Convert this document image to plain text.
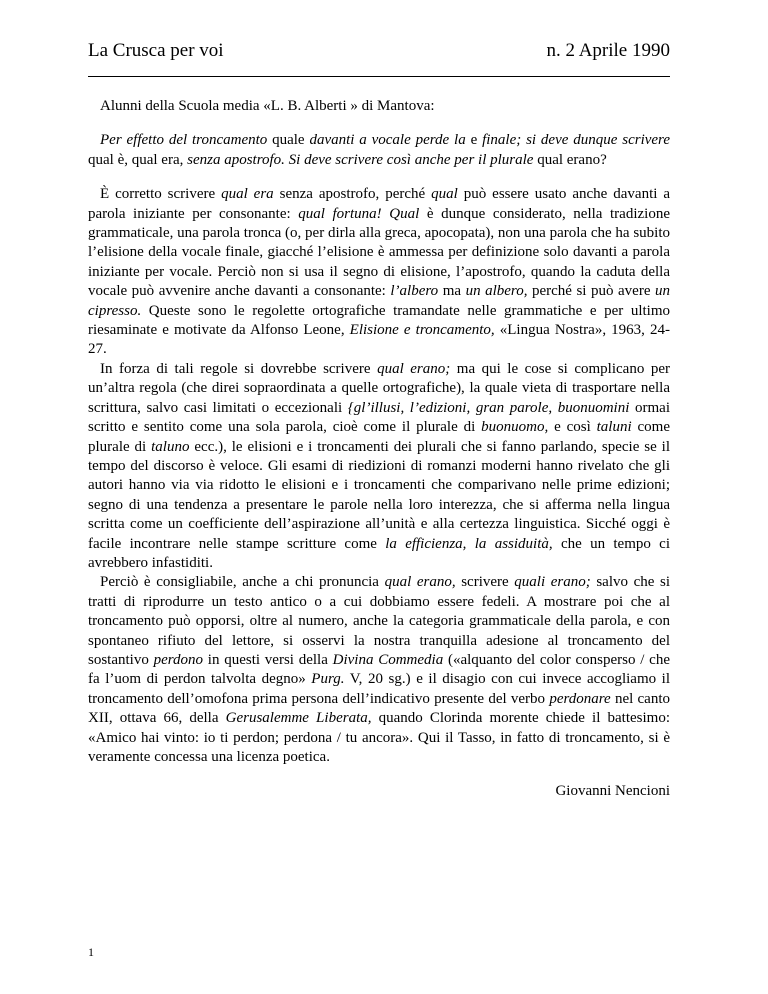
La Crusca per voi	n. 2 Aprile 1990

Alunni della Scuola media «L. B. Alberti » di Mantova:

Per effetto del troncamento quale davanti a vocale perde la e finale; si deve dunque scrivere qual è, qual era, senza apostrofo. Si deve scrivere così anche per il plurale qual erano?

È corretto scrivere qual era senza apostrofo, perché qual può essere usato anche davanti a parola iniziante per consonante: qual fortuna! Qual è dunque considerato, nella tradizione grammaticale, una parola tronca (o, per dirla alla greca, apocopata), non una parola che ha subito l’elisione della vocale finale, giacché l’elisione è ammessa per definizione solo davanti a parola iniziante per vocale. Perciò non si usa il segno di elisione, l’apostrofo, quando la caduta della vocale può avvenire anche davanti a consonante: l’albero ma un albero, perché si può avere un cipresso. Queste sono le regolette ortografiche tramandate nelle grammatiche e per ultimo riesaminate e motivate da Alfonso Leone, Elisione e troncamento, «Lingua Nostra», 1963, 24-27.

In forza di tali regole si dovrebbe scrivere qual erano; ma qui le cose si complicano per un’altra regola (che direi sopraordinata a quelle ortografiche), la quale vieta di trasportare nella scrittura, salvo casi limitati o eccezionali {gl’illusi, l’edizioni, gran parole, buonuomini ormai scritto e sentito come una sola parola, cioè come il plurale di buonuomo, e così taluni come plurale di taluno ecc.), le elisioni e i troncamenti dei plurali che si fanno parlando, specie se il tempo del discorso è veloce. Gli esami di riedizioni di romanzi moderni hanno rivelato che gli autori hanno via via ridotto le elisioni e i troncamenti che comparivano nelle prime edizioni; segno di una tendenza a presentare le parole nella loro interezza, che si afferma nella lingua scritta come un coefficiente dell’aspirazione all’unità e alla certezza linguistica. Sicché oggi è facile incontrare nelle stampe scritture come la efficienza, la assiduità, che un tempo ci avrebbero infastiditi.

Perciò è consigliabile, anche a chi pronuncia qual erano, scrivere quali erano; salvo che si tratti di riprodurre un testo antico o a cui dobbiamo essere fedeli. A mostrare poi che al troncamento può opporsi, oltre al numero, anche la categoria grammaticale della parola, e con spontaneo rifiuto del lettore, si osservi la nostra tranquilla adesione al troncamento del sostantivo perdono in questi versi della Divina Commedia («alquanto del color consperso / che fa l’uom di perdon talvolta degno» Purg. V, 20 sg.) e il disagio con cui invece accogliamo il troncamento dell’omofona prima persona dell’indicativo presente del verbo perdonare nel canto XII, ottava 66, della Gerusalemme Liberata, quando Clorinda morente chiede il battesimo: «Amico hai vinto: io ti perdon; perdona / tu ancora». Qui il Tasso, in fatto di troncamento, si è veramente concessa una licenza poetica.

Giovanni Nencioni

1
